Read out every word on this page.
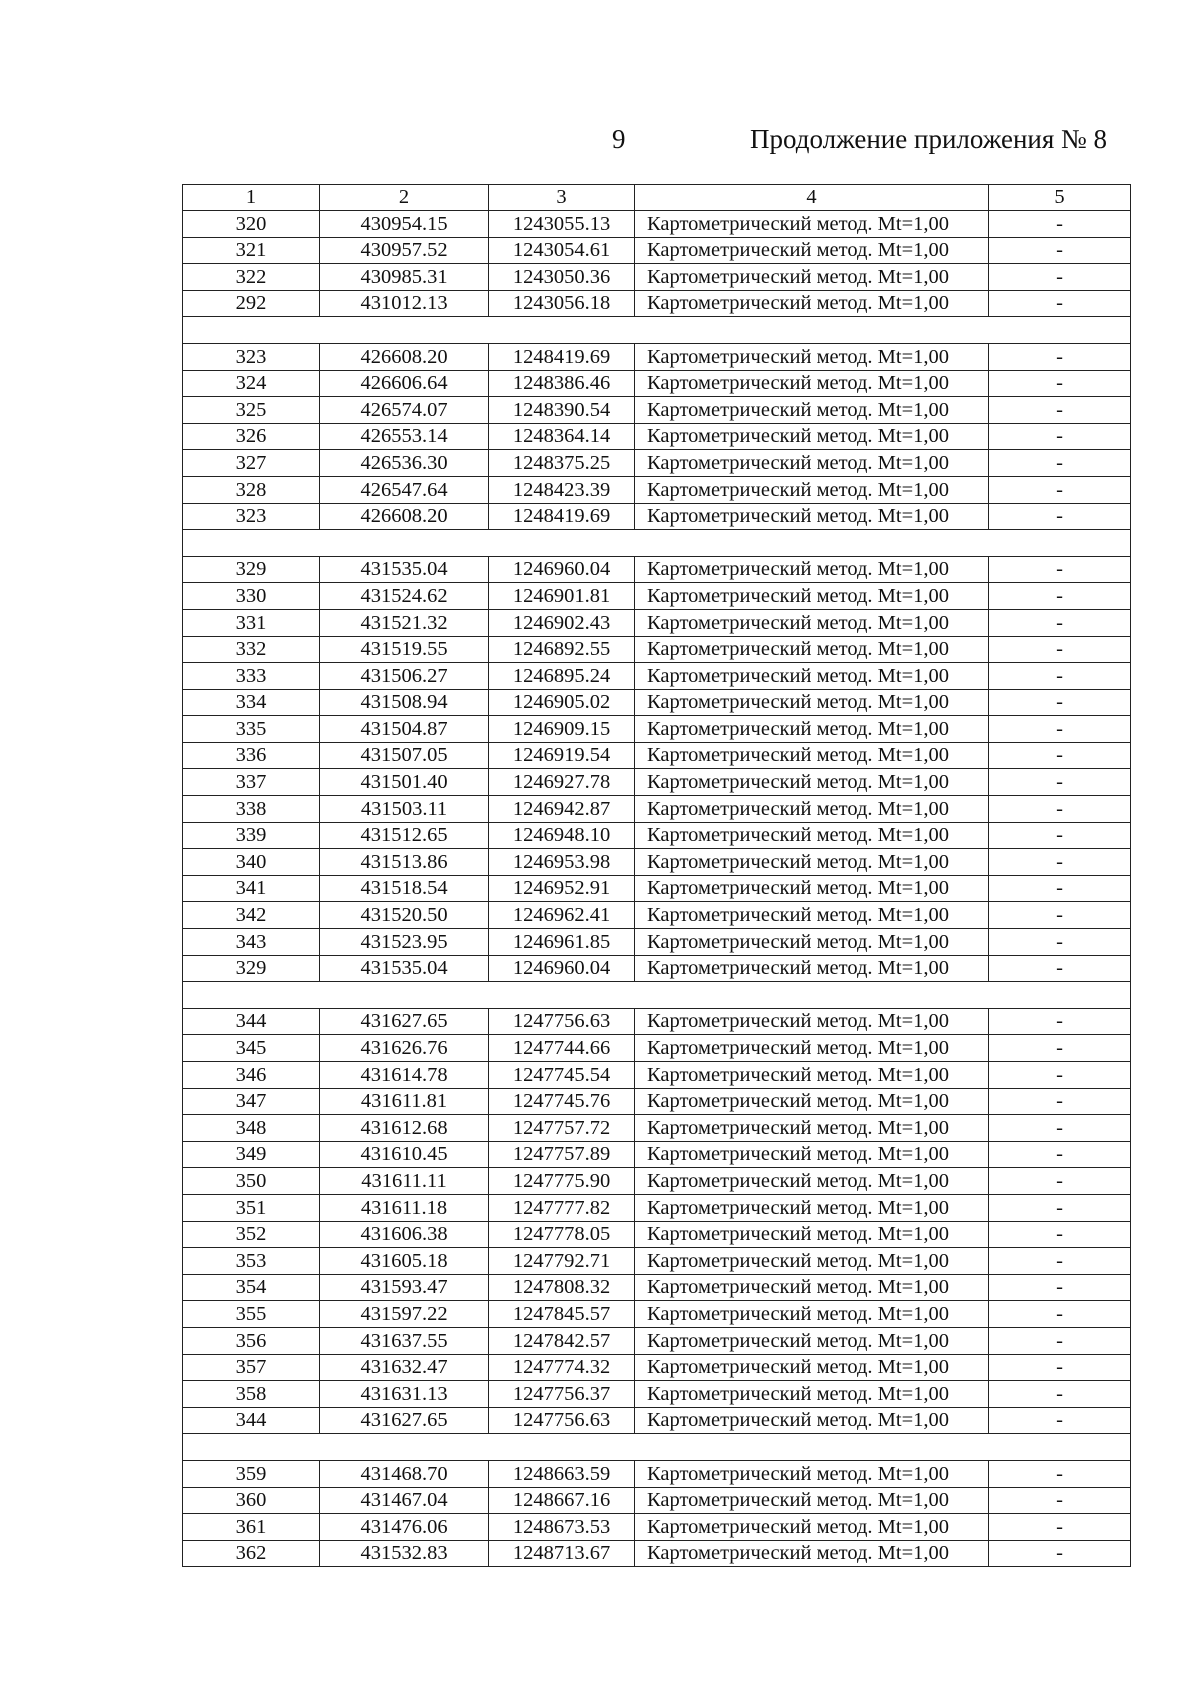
9	Продолжение приложения № 8
1	2	3	4	5
320	430954.15	1243055.13	Картометрический метод. Mt=1,00	-
321	430957.52	1243054.61	Картометрический метод. Mt=1,00	-
322	430985.31	1243050.36	Картометрический метод. Mt=1,00	-
292	431012.13	1243056.18	Картометрический метод. Mt=1,00	-

323	426608.20	1248419.69	Картометрический метод. Mt=1,00	-
324	426606.64	1248386.46	Картометрический метод. Mt=1,00	-
325	426574.07	1248390.54	Картометрический метод. Mt=1,00	-
326	426553.14	1248364.14	Картометрический метод. Mt=1,00	-
327	426536.30	1248375.25	Картометрический метод. Mt=1,00	-
328	426547.64	1248423.39	Картометрический метод. Mt=1,00	-
323	426608.20	1248419.69	Картометрический метод. Mt=1,00	-

329	431535.04	1246960.04	Картометрический метод. Mt=1,00	-
330	431524.62	1246901.81	Картометрический метод. Mt=1,00	-
331	431521.32	1246902.43	Картометрический метод. Mt=1,00	-
332	431519.55	1246892.55	Картометрический метод. Mt=1,00	-
333	431506.27	1246895.24	Картометрический метод. Mt=1,00	-
334	431508.94	1246905.02	Картометрический метод. Mt=1,00	-
335	431504.87	1246909.15	Картометрический метод. Mt=1,00	-
336	431507.05	1246919.54	Картометрический метод. Mt=1,00	-
337	431501.40	1246927.78	Картометрический метод. Mt=1,00	-
338	431503.11	1246942.87	Картометрический метод. Mt=1,00	-
339	431512.65	1246948.10	Картометрический метод. Mt=1,00	-
340	431513.86	1246953.98	Картометрический метод. Mt=1,00	-
341	431518.54	1246952.91	Картометрический метод. Mt=1,00	-
342	431520.50	1246962.41	Картометрический метод. Mt=1,00	-
343	431523.95	1246961.85	Картометрический метод. Mt=1,00	-
329	431535.04	1246960.04	Картометрический метод. Mt=1,00	-

344	431627.65	1247756.63	Картометрический метод. Mt=1,00	-
345	431626.76	1247744.66	Картометрический метод. Mt=1,00	-
346	431614.78	1247745.54	Картометрический метод. Mt=1,00	-
347	431611.81	1247745.76	Картометрический метод. Mt=1,00	-
348	431612.68	1247757.72	Картометрический метод. Mt=1,00	-
349	431610.45	1247757.89	Картометрический метод. Mt=1,00	-
350	431611.11	1247775.90	Картометрический метод. Mt=1,00	-
351	431611.18	1247777.82	Картометрический метод. Mt=1,00	-
352	431606.38	1247778.05	Картометрический метод. Mt=1,00	-
353	431605.18	1247792.71	Картометрический метод. Mt=1,00	-
354	431593.47	1247808.32	Картометрический метод. Mt=1,00	-
355	431597.22	1247845.57	Картометрический метод. Mt=1,00	-
356	431637.55	1247842.57	Картометрический метод. Mt=1,00	-
357	431632.47	1247774.32	Картометрический метод. Mt=1,00	-
358	431631.13	1247756.37	Картометрический метод. Mt=1,00	-
344	431627.65	1247756.63	Картометрический метод. Mt=1,00	-

359	431468.70	1248663.59	Картометрический метод. Mt=1,00	-
360	431467.04	1248667.16	Картометрический метод. Mt=1,00	-
361	431476.06	1248673.53	Картометрический метод. Mt=1,00	-
362	431532.83	1248713.67	Картометрический метод. Mt=1,00	-
